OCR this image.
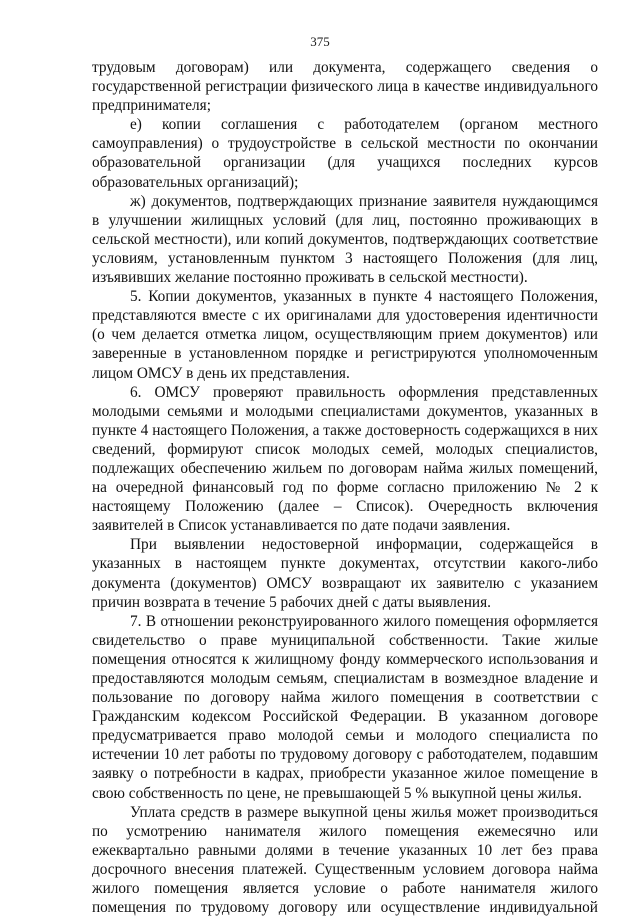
375

трудовым договорам) или документа, содержащего сведения о государственной регистрации физического лица в качестве индивидуального предпринимателя;

е) копии соглашения с работодателем (органом местного самоуправления) о трудоустройстве в сельской местности по окончании образовательной организации (для учащихся последних курсов образовательных организаций);

ж) документов, подтверждающих признание заявителя нуждающимся в улучшении жилищных условий (для лиц, постоянно проживающих в сельской местности), или копий документов, подтверждающих соответствие условиям, установленным пунктом 3 настоящего Положения (для лиц, изъявивших желание постоянно проживать в сельской местности).

5. Копии документов, указанных в пункте 4 настоящего Положения, представляются вместе с их оригиналами для удостоверения идентичности (о чем делается отметка лицом, осуществляющим прием документов) или заверенные в установленном порядке и регистрируются уполномоченным лицом ОМСУ в день их представления.

6. ОМСУ проверяют правильность оформления представленных молодыми семьями и молодыми специалистами документов, указанных в пункте 4 настоящего Положения, а также достоверность содержащихся в них сведений, формируют список молодых семей, молодых специалистов, подлежащих обеспечению жильем по договорам найма жилых помещений, на очередной финансовый год по форме согласно приложению № 2 к настоящему Положению (далее – Список). Очередность включения заявителей в Список устанавливается по дате подачи заявления.

При выявлении недостоверной информации, содержащейся в указанных в настоящем пункте документах, отсутствии какого-либо документа (документов) ОМСУ возвращают их заявителю с указанием причин возврата в течение 5 рабочих дней с даты выявления.

7. В отношении реконструированного жилого помещения оформляется свидетельство о праве муниципальной собственности. Такие жилые помещения относятся к жилищному фонду коммерческого использования и предоставляются молодым семьям, специалистам в возмездное владение и пользование по договору найма жилого помещения в соответствии с Гражданским кодексом Российской Федерации. В указанном договоре предусматривается право молодой семьи и молодого специалиста по истечении 10 лет работы по трудовому договору с работодателем, подавшим заявку о потребности в кадрах, приобрести указанное жилое помещение в свою собственность по цене, не превышающей 5 % выкупной цены жилья.

Уплата средств в размере выкупной цены жилья может производиться по усмотрению нанимателя жилого помещения ежемесячно или ежеквартально равными долями в течение указанных 10 лет без права досрочного внесения платежей. Существенным условием договора найма жилого помещения является условие о работе нанимателя жилого помещения по трудовому договору или осуществление индивидуальной
